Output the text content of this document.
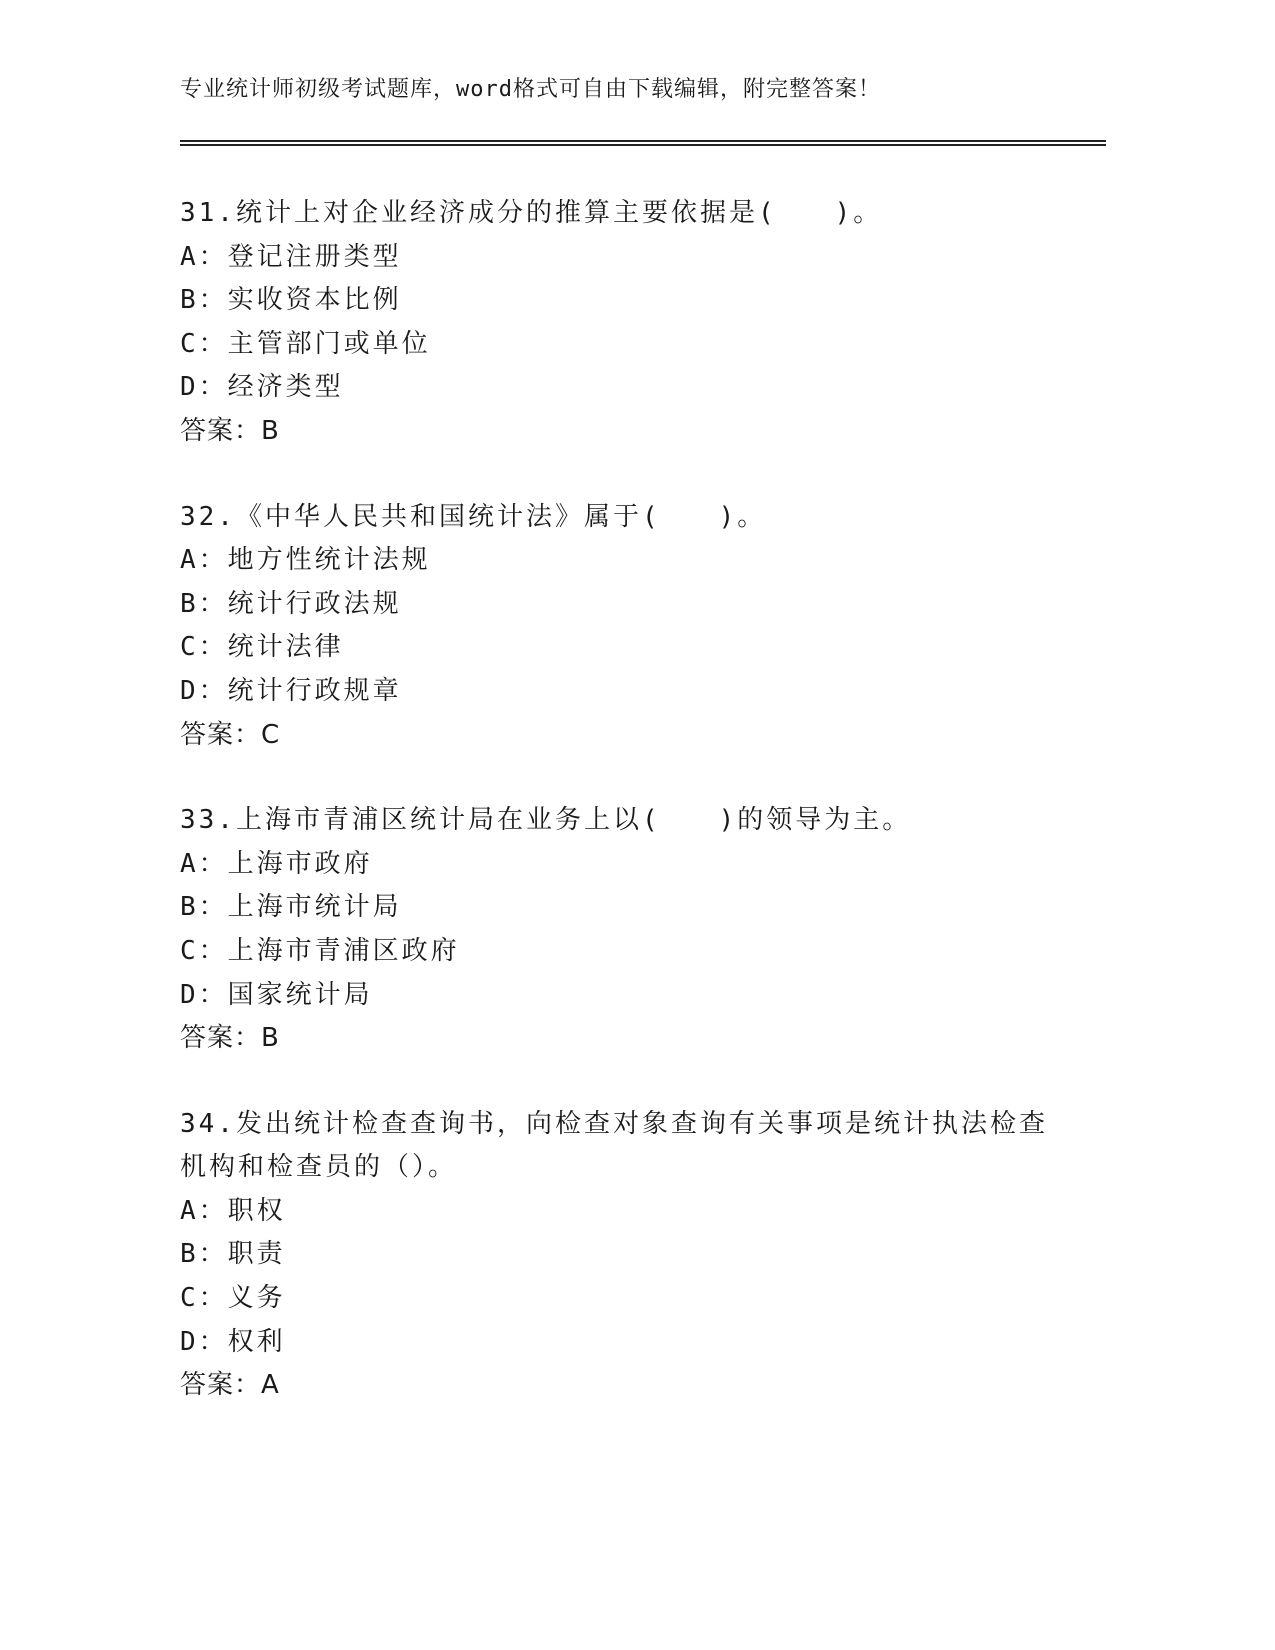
专业统计师初级考试题库，word格式可自由下载编辑，附完整答案！
31.统计上对企业经济成分的推算主要依据是(　　)。
A：登记注册类型
B：实收资本比例
C：主管部门或单位
D：经济类型
答案：B
32.《中华人民共和国统计法》属于(　　)。
A：地方性统计法规
B：统计行政法规
C：统计法律
D：统计行政规章
答案：C
33.上海市青浦区统计局在业务上以(　　)的领导为主。
A：上海市政府
B：上海市统计局
C：上海市青浦区政府
D：国家统计局
答案：B
34.发出统计检查查询书，向检查对象查询有关事项是统计执法检查机构和检查员的（）。
A：职权
B：职责
C：义务
D：权利
答案：A
